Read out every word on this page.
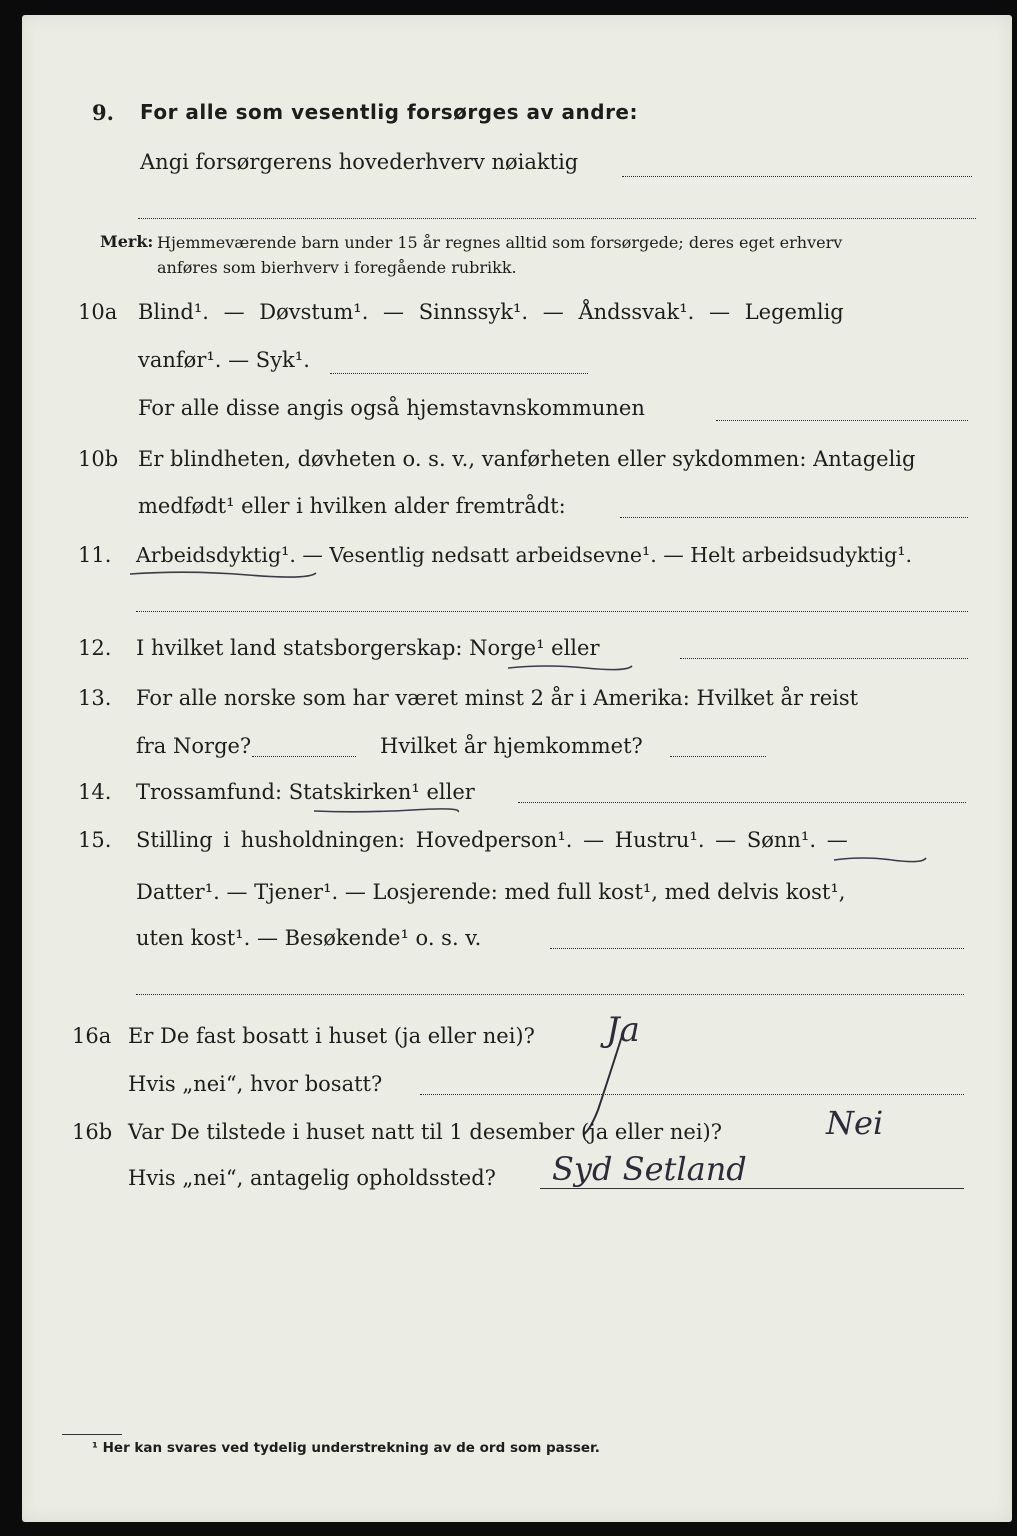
9. For alle som vesentlig forsørges av andre:
Angi forsørgerens hovederhverv nøiaktig
Merk: Hjemmeværende barn under 15 år regnes alltid som forsørgede; deres eget erhverv
anføres som bierhverv i foregående rubrikk.
10a Blind¹. — Døvstum¹. — Sinnssyk¹. — Åndssvak¹. — Legemlig
vanfør¹. — Syk¹.
For alle disse angis også hjemstavnskommunen
10b Er blindheten, døvheten o. s. v., vanførheten eller sykdommen: Antagelig
medfødt¹ eller i hvilken alder fremtrådt:
11. Arbeidsdyktig¹. — Vesentlig nedsatt arbeidsevne¹. — Helt arbeidsudyktig¹.
12. I hvilket land statsborgerskap: Norge¹ eller
13. For alle norske som har været minst 2 år i Amerika: Hvilket år reist
fra Norge?	Hvilket år hjemkommet?
14. Trossamfund: Statskirken¹ eller
15. Stilling i husholdningen: Hovedperson¹. — Hustru¹. — Sønn¹. —
Datter¹. — Tjener¹. — Losjerende: med full kost¹, med delvis kost¹,
uten kost¹. — Besøkende¹ o. s. v.
16a Er De fast bosatt i huset (ja eller nei)? Ja
Hvis „nei“, hvor bosatt?
16b Var De tilstede i huset natt til 1 desember (ja eller nei)?	Nei
Hvis „nei“, antagelig opholdssted? Syd Setland
¹ Her kan svares ved tydelig understrekning av de ord som passer.
